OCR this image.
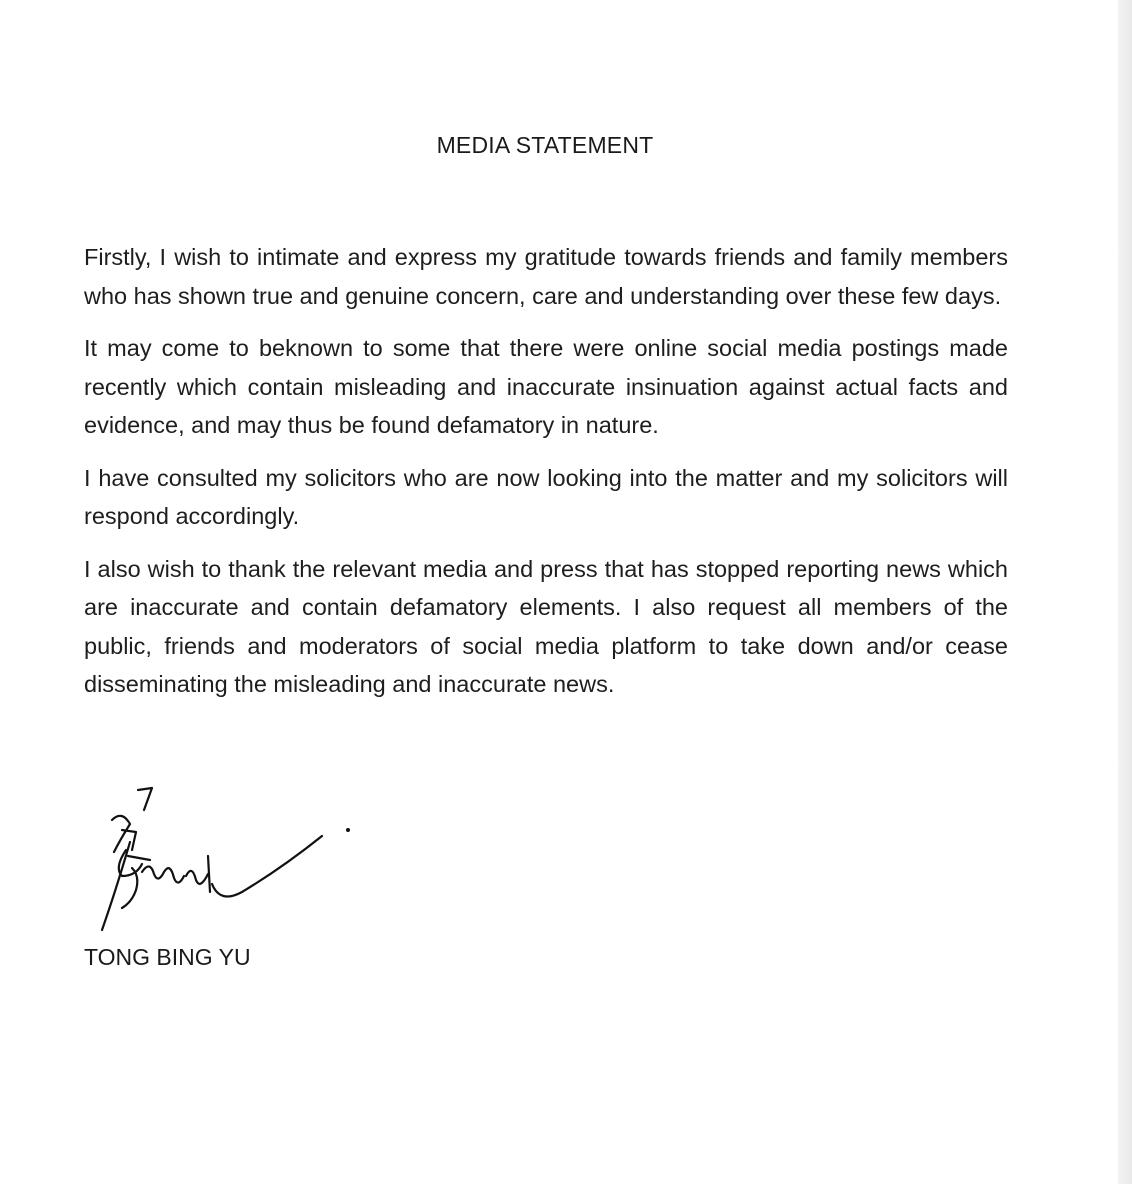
MEDIA STATEMENT

Firstly, I wish to intimate and express my gratitude towards friends and family members who has shown true and genuine concern, care and understanding over these few days.

It may come to beknown to some that there were online social media postings made recently which contain misleading and inaccurate insinuation against actual facts and evidence, and may thus be found defamatory in nature.

I have consulted my solicitors who are now looking into the matter and my solicitors will respond accordingly.

I also wish to thank the relevant media and press that has stopped reporting news which are inaccurate and contain defamatory elements. I also request all members of the public, friends and moderators of social media platform to take down and/or cease disseminating the misleading and inaccurate news.

TONG BING YU
